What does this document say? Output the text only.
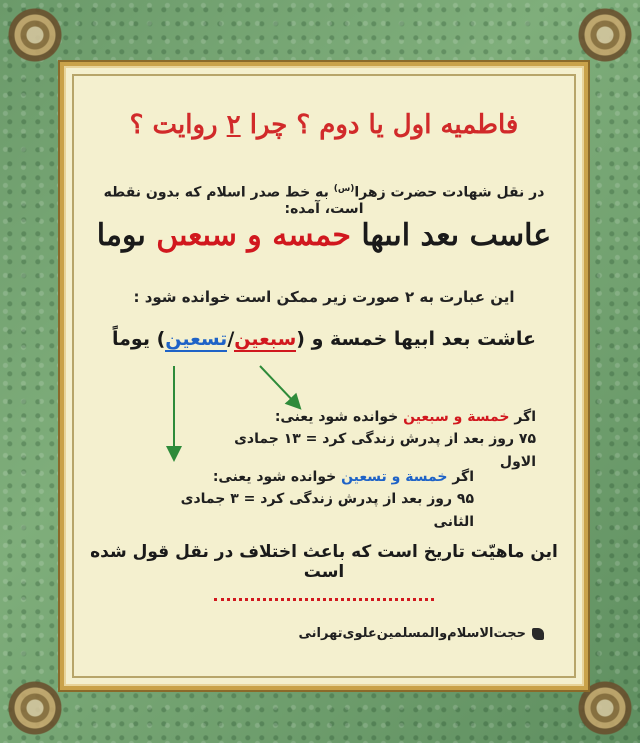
فاطمیه اول یا دوم ؟ چرا ۲ روایت ؟
در نقل شهادت حضرت زهرا$^{(س)}$ به خط صدر اسلام که بدون نقطه است، آمده:
عاسٮ ٮعد اٮٮها حمسه و سٮعٮں ٮوما
این عبارت به ۲ صورت زیر ممکن است خوانده شود :
عاشت بعد ابیها خمسة و (سبعین/تسعین) یوماً
اگر خمسة و سبعین خوانده شود یعنی:
۷۵ روز بعد از پدرش زندگی کرد = ۱۳ جمادی الاول
اگر خمسة و تسعین خوانده شود یعنی:
۹۵ روز بعد از پدرش زندگی کرد = ۳ جمادی الثانی
این ماهیّت تاریخ است که باعث اختلاف در نقل قول شده است
حجت‌الاسلام‌والمسلمین‌علوی‌تهرانی
